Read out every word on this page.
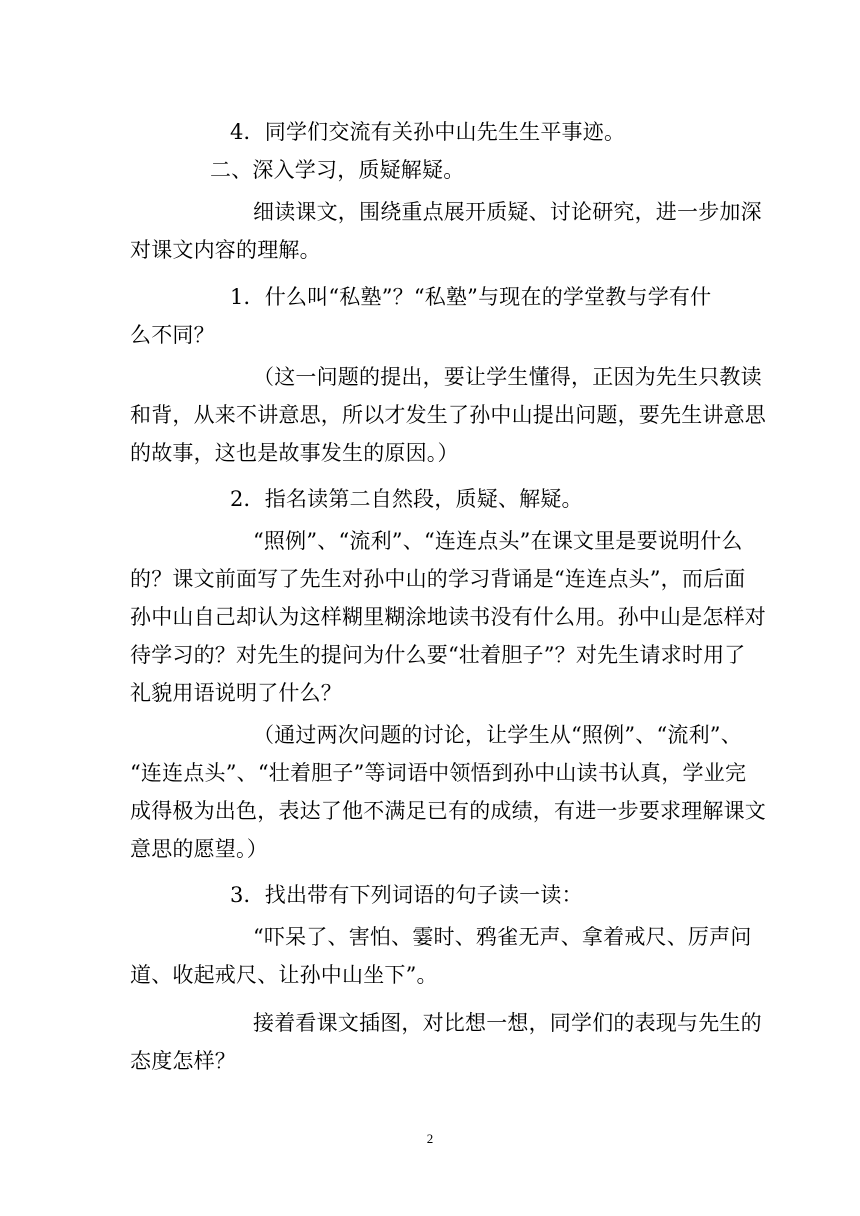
4．同学们交流有关孙中山先生生平事迹。
二、深入学习，质疑解疑。
细读课文，围绕重点展开质疑、讨论研究，进一步加深
对课文内容的理解。
1．什么叫“私塾”？“私塾”与现在的学堂教与学有什
么不同？
（这一问题的提出，要让学生懂得，正因为先生只教读
和背，从来不讲意思，所以才发生了孙中山提出问题，要先生讲意思
的故事，这也是故事发生的原因。）
2．指名读第二自然段，质疑、解疑。
“照例”、“流利”、“连连点头”在课文里是要说明什么
的？课文前面写了先生对孙中山的学习背诵是“连连点头”，而后面
孙中山自己却认为这样糊里糊涂地读书没有什么用。孙中山是怎样对
待学习的？对先生的提问为什么要“壮着胆子”？对先生请求时用了
礼貌用语说明了什么？
（通过两次问题的讨论，让学生从“照例”、“流利”、
“连连点头”、“壮着胆子”等词语中领悟到孙中山读书认真，学业完
成得极为出色，表达了他不满足已有的成绩，有进一步要求理解课文
意思的愿望。）
3．找出带有下列词语的句子读一读：
“吓呆了、害怕、霎时、鸦雀无声、拿着戒尺、厉声问
道、收起戒尺、让孙中山坐下”。
接着看课文插图，对比想一想，同学们的表现与先生的
态度怎样？
2
